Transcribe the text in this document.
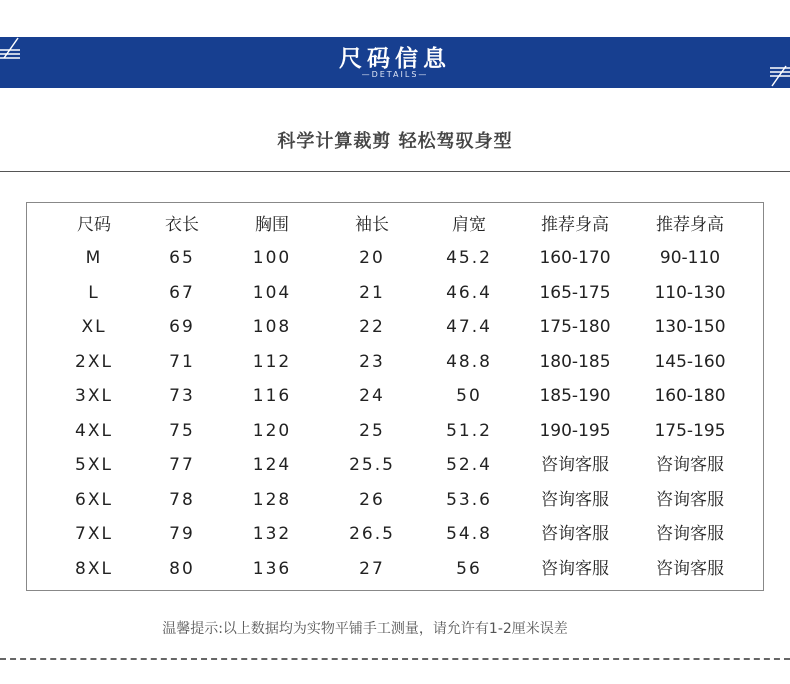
尺码信息
—DETAILS—
科学计算裁剪 轻松驾驭身型
尺码	衣长	胸围	袖长	肩宽	推荐身高	推荐身高
M	65	100	20	45.2	160-170	90-110
L	67	104	21	46.4	165-175	110-130
XL	69	108	22	47.4	175-180	130-150
2XL	71	112	23	48.8	180-185	145-160
3XL	73	116	24	50	185-190	160-180
4XL	75	120	25	51.2	190-195	175-195
5XL	77	124	25.5	52.4	咨询客服	咨询客服
6XL	78	128	26	53.6	咨询客服	咨询客服
7XL	79	132	26.5	54.8	咨询客服	咨询客服
8XL	80	136	27	56	咨询客服	咨询客服
温馨提示:以上数据均为实物平铺手工测量，请允许有1-2厘米误差
